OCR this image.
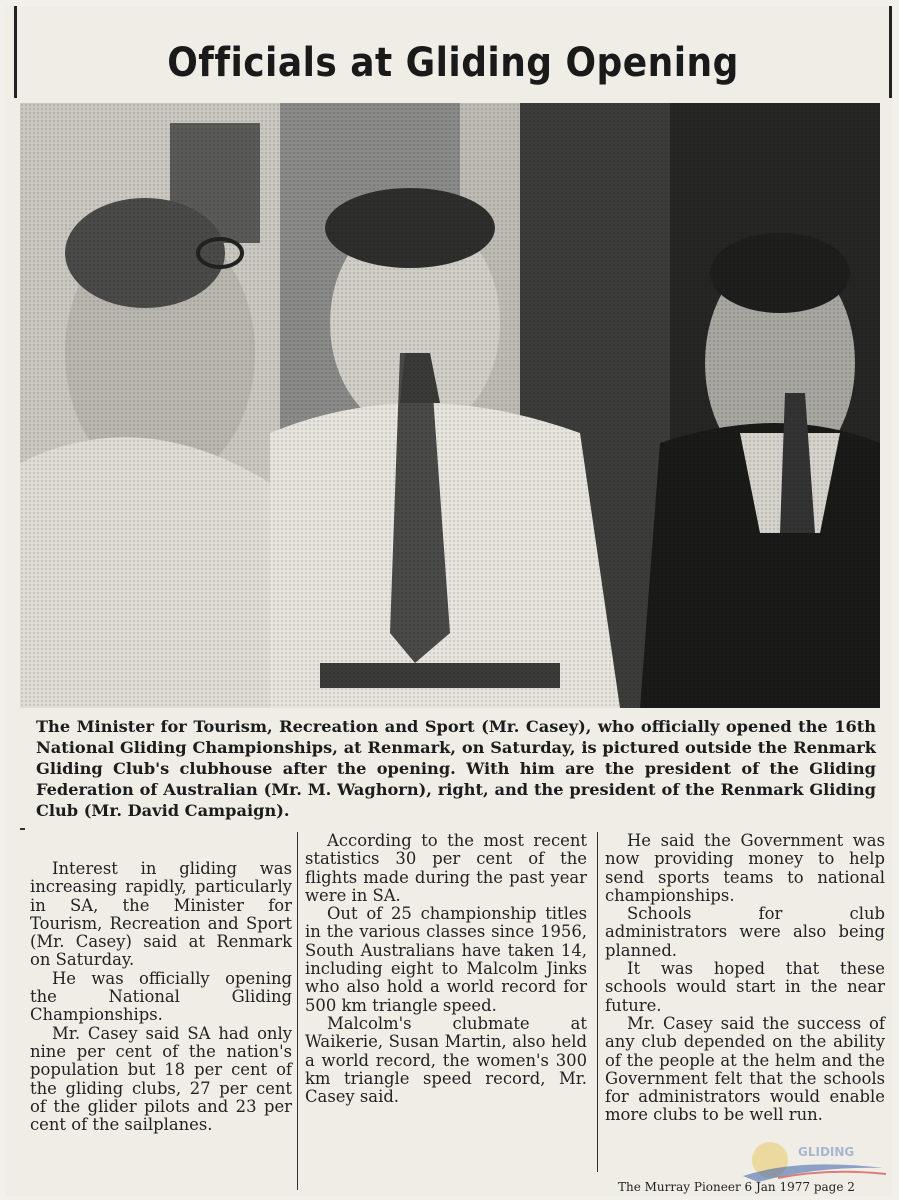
Officials at Gliding Opening
The Minister for Tourism, Recreation and Sport (Mr. Casey), who officially opened the 16th National Gliding Championships, at Renmark, on Saturday, is pictured outside the Renmark Gliding Club's clubhouse after the opening. With him are the president of the Gliding Federation of Australian (Mr. M. Waghorn), right, and the president of the Renmark Gliding Club (Mr. David Campaign).

Interest in gliding was increasing rapidly, particularly in SA, the Minister for Tourism, Recreation and Sport (Mr. Casey) said at Renmark on Saturday.

He was officially opening the National Gliding Championships.

Mr. Casey said SA had only nine per cent of the nation's population but 18 per cent of the gliding clubs, 27 per cent of the glider pilots and 23 per cent of the sailplanes.

According to the most recent statistics 30 per cent of the flights made during the past year were in SA.

Out of 25 championship titles in the various classes since 1956, South Australians have taken 14, including eight to Malcolm Jinks who also hold a world record for 500 km triangle speed.

Malcolm's clubmate at Waikerie, Susan Martin, also held a world record, the women's 300 km triangle speed record, Mr. Casey said.

He said the Government was now providing money to help send sports teams to national championships.

Schools for club administrators were also being planned.

It was hoped that these schools would start in the near future.

Mr. Casey said the success of any club depended on the ability of the people at the helm and the Government felt that the schools for administrators would enable more clubs to be well run.

GLIDING
The Murray Pioneer 6 Jan 1977 page 2
